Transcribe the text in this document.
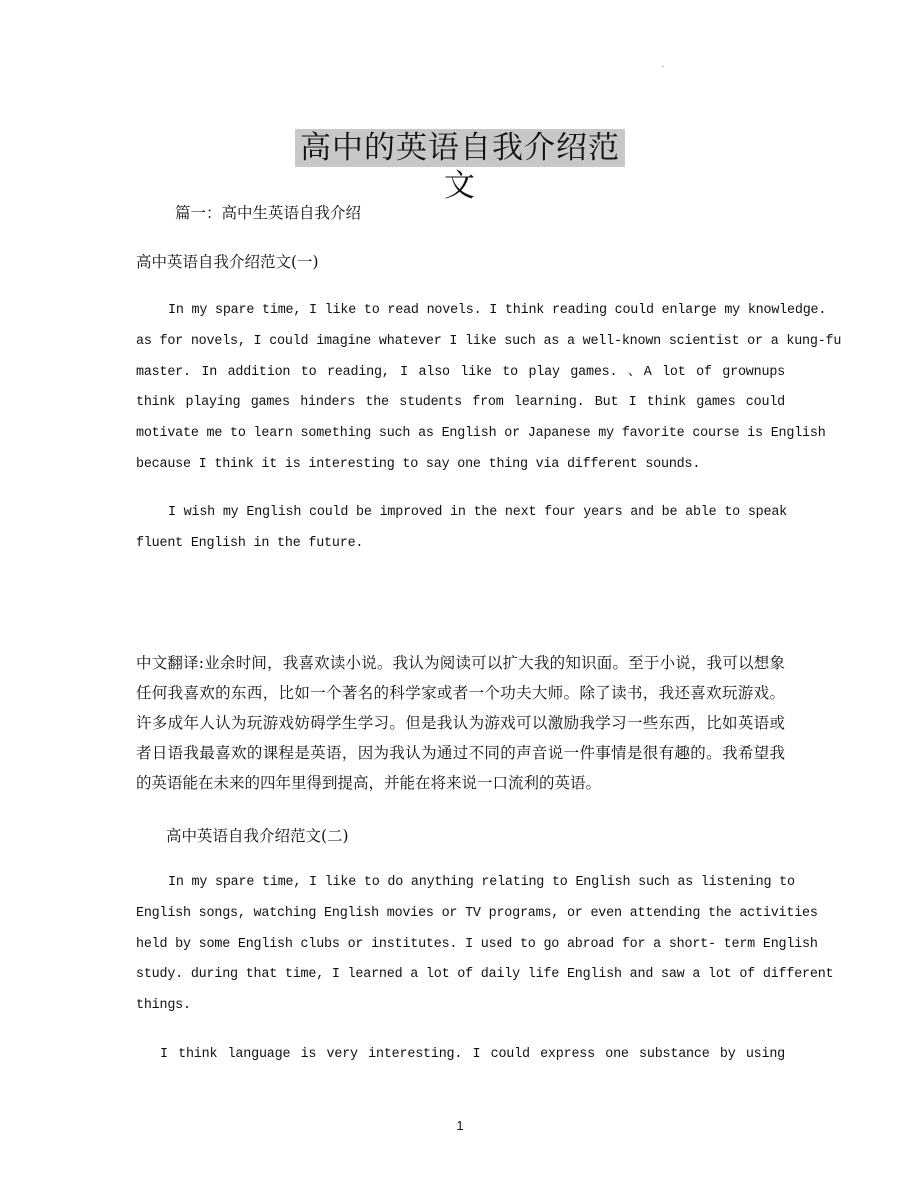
高中的英语自我介绍范文
篇一：高中生英语自我介绍
高中英语自我介绍范文(一)
In my spare time, I like to read novels. I think reading could enlarge my knowledge.
as for novels, I could imagine whatever I like such as a well-known scientist or a kung-fu
master. In addition to reading, I also like to play games. 、A lot of grownups
think playing games hinders the students from learning. But I think games could
motivate me to learn something such as English or Japanese my favorite course is English
because I think it is interesting to say one thing via different sounds.
I wish my English could be improved in the next four years and be able to speak
fluent English in the future.
中文翻译:业余时间，我喜欢读小说。我认为阅读可以扩大我的知识面。至于小说，我可以想象
任何我喜欢的东西，比如一个著名的科学家或者一个功夫大师。除了读书，我还喜欢玩游戏。
许多成年人认为玩游戏妨碍学生学习。但是我认为游戏可以激励我学习一些东西，比如英语或
者日语我最喜欢的课程是英语，因为我认为通过不同的声音说一件事情是很有趣的。我希望我
的英语能在未来的四年里得到提高，并能在将来说一口流利的英语。
高中英语自我介绍范文(二)
In my spare time, I like to do anything relating to English such as listening to
English songs, watching English movies or TV programs, or even attending the activities
held by some English clubs or institutes. I used to go abroad for a short- term English
study. during that time, I learned a lot of daily life English and saw a lot of different
things.
I think language is very interesting. I could express one substance by using
1
